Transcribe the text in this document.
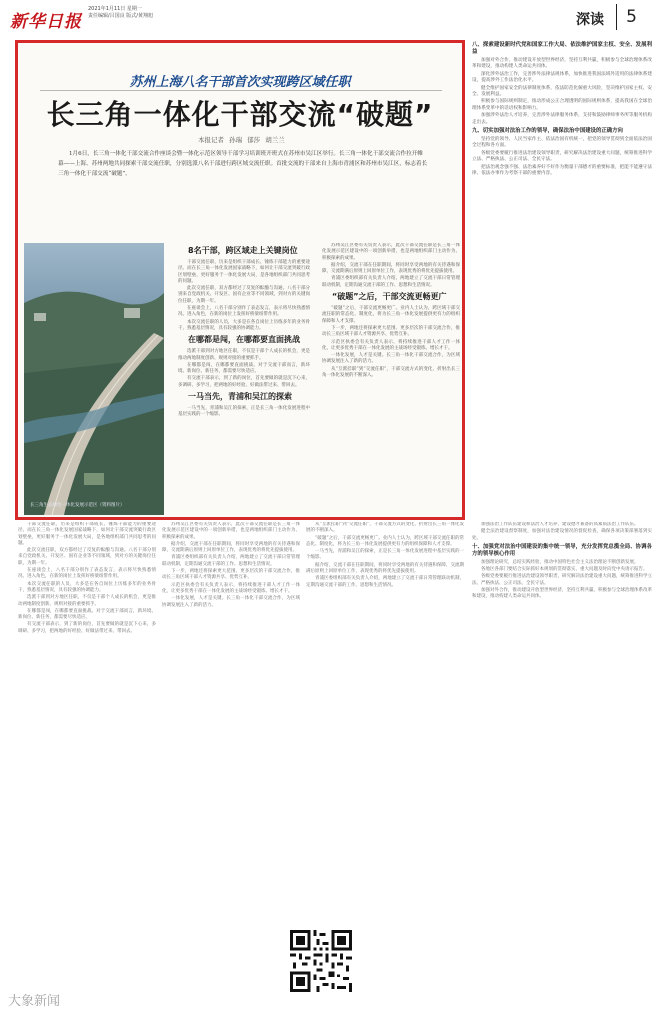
新华日报
2021年1月11日 星期一
责任编辑/吕国良 版式/黄翔旭	深读	5
苏州上海八名干部首次实现跨区域任职
长三角一体化干部交流“破题”
本报记者 孙瑞 郁莎 胡兰兰
1月6日，长三角一体化干部交流合作座谈会暨一体化示范区领导干部学习培训班开班式在苏州市吴江区举行。长三角一体化干部交流合作拉开帷幕——上海、苏州两地共同探索干部交流任职，分别选派八名干部进行跨区域交流任职。首批交流的干部来自上海市青浦区和苏州市吴江区，标志着长三角一体化干部交流“破题”。
长三角生态绿色一体化发展示范区（资料图片）
8名干部，跨区域走上关键岗位

干部交流任职，历来是组织干部成长、锤炼干部能力的重要途径。而在长三角一体化发展国家战略下，如何让干部交流突破行政区划壁垒，更好服务于一体化发展大局，是各地组织部门共同思考的问题。

此次交流任职，双方都经过了反复的酝酿与沟通。八名干部分别来自党政机关、开发区、国有企业等不同领域，到对方的关键岗位任职，为期一年。

在座谈会上，八名干部分别作了表态发言，表示将尽快熟悉情况、进入角色，在新的岗位上发挥好桥梁纽带作用。

本次交流任职的人员，大多是在各自岗位上历练多年的业务骨干，熟悉基层情况，具有较强的协调能力。

在哪都是闯，在哪都要直面挑战

选派干部到对方地区任职，不仅是干部个人成长的机会，更是推动两地制度创新、规则对接的重要抓手。

在哪都是闯，在哪都要直面挑战。对于交流干部而言，新环境、新岗位、新任务，都需要尽快适应。

有交流干部表示，到了新的岗位，首先要做的就是沉下心来，多调研、多学习，把两地的好经验、好做法带过来、带回去。

一马当先，青浦和吴江的探索

一马当先，青浦和吴江的探索，正是长三角一体化发展进程中基层实践的一个缩影。

苏州吴江区委有关负责人表示，此次干部交流任职是长三角一体化发展示范区建设中的一项创新举措，也是两地组织部门主动作为、积极探索的成果。

据介绍，交流干部在任职期间，将同时享受两地的有关待遇和保障，交流期满后原则上回原单位工作，表现优秀的将优先提拔使用。

青浦区委组织部有关负责人介绍，两地建立了交流干部日常管理联动机制，定期沟通交流干部的工作、思想和生活情况。

“破题”之后，干部交流更畅更广

“破题”之后，干部交流更畅更广。业内人士认为，跨区域干部交流任职的常态化、制度化，将为长三角一体化发展提供更有力的组织保障和人才支撑。

下一步，两地还将探索更大范围、更多层次的干部交流合作，推动长三角区域干部人才资源共享、优势互补。

示范区执委会有关负责人表示，将持续推进干部人才工作一体化，让更多优秀干部在一体化发展的主战场经受锻炼、增长才干。

一体化发展，人才是关键。长三角一体化干部交流合作，为区域协调发展注入了新的活力。

从“互派挂职”到“交流任职”，干部交流方式的变化，折射出长三角一体化发展的不断深入。

八、探索建设新时代党和国家工作大局、依法维护国家主权、安全、发展利益

加强对外合作，推动建设开放型世界经济，坚持互利共赢，积极参与全球治理体系改革和建设，推动构建人类命运共同体。

深化涉外法治工作，完善涉外法律法规体系，加快推进我国法域外适用的法律体系建设，提高涉外工作法治化水平。

健全维护国家安全的法律制度体系，依法防范化解重大风险，坚决维护国家主权、安全、发展利益。

积极参与国际规则制定，推动形成公正合理透明的国际规则体系，提高我国在全球治理体系变革中的话语权和影响力。

加强涉外法治人才培养，完善涉外法律服务体系，支持和鼓励律师事务所等服务机构走出去。

九、切实加强对法治工作的领导，确保法治中国建设的正确方向

坚持党的领导、人民当家作主、依法治国有机统一，把党的领导贯彻到全面依法治国全过程和各方面。

各级党委要履行推进法治建设领导职责，研究解决法治建设重大问题，统筹推进科学立法、严格执法、公正司法、全民守法。

把法治观念强不强、法治素养好不好作为衡量干部德才的重要标准，把能不能遵守法律、依法办事作为考察干部的重要内容。

干部交流任职，历来是组织干部成长、锤炼干部能力的重要途径。而在长三角一体化发展国家战略下，如何让干部交流突破行政区划壁垒，更好服务于一体化发展大局，是各地组织部门共同思考的问题。

此次交流任职，双方都经过了反复的酝酿与沟通。八名干部分别来自党政机关、开发区、国有企业等不同领域，到对方的关键岗位任职，为期一年。

在座谈会上，八名干部分别作了表态发言，表示将尽快熟悉情况、进入角色，在新的岗位上发挥好桥梁纽带作用。

本次交流任职的人员，大多是在各自岗位上历练多年的业务骨干，熟悉基层情况，具有较强的协调能力。

选派干部到对方地区任职，不仅是干部个人成长的机会，更是推动两地制度创新、规则对接的重要抓手。

在哪都是闯，在哪都要直面挑战。对于交流干部而言，新环境、新岗位、新任务，都需要尽快适应。

有交流干部表示，到了新的岗位，首先要做的就是沉下心来，多调研、多学习，把两地的好经验、好做法带过来、带回去。

苏州吴江区委有关负责人表示，此次干部交流任职是长三角一体化发展示范区建设中的一项创新举措，也是两地组织部门主动作为、积极探索的成果。

据介绍，交流干部在任职期间，将同时享受两地的有关待遇和保障，交流期满后原则上回原单位工作，表现优秀的将优先提拔使用。

青浦区委组织部有关负责人介绍，两地建立了交流干部日常管理联动机制，定期沟通交流干部的工作、思想和生活情况。

下一步，两地还将探索更大范围、更多层次的干部交流合作，推动长三角区域干部人才资源共享、优势互补。

示范区执委会有关负责人表示，将持续推进干部人才工作一体化，让更多优秀干部在一体化发展的主战场经受锻炼、增长才干。

一体化发展，人才是关键。长三角一体化干部交流合作，为区域协调发展注入了新的活力。

从“互派挂职”到“交流任职”，干部交流方式的变化，折射出长三角一体化发展的不断深入。

“破题”之后，干部交流更畅更广。业内人士认为，跨区域干部交流任职的常态化、制度化，将为长三角一体化发展提供更有力的组织保障和人才支撑。

一马当先，青浦和吴江的探索，正是长三角一体化发展进程中基层实践的一个缩影。

据介绍，交流干部在任职期间，将同时享受两地的有关待遇和保障，交流期满后原则上回原单位工作，表现优秀的将优先提拔使用。

青浦区委组织部有关负责人介绍，两地建立了交流干部日常管理联动机制，定期沟通交流干部的工作、思想和生活情况。

加强法治工作队伍建设和法治人才培养，建设德才兼备的高素质法治工作队伍。

健全法治建设督察制度，加强对法治建设情况的督促检查，确保各项决策部署落到实处。

十、加强党对法治中国建设的集中统一领导，充分发挥党总揽全局、协调各方的领导核心作用

加强理论研究，总结实践经验，推动中国特色社会主义法治理论不断创新发展。

各地区各部门要结合实际抓好本规划的贯彻落实，重大问题及时向党中央请示报告。

各级党委要履行推进法治建设领导职责，研究解决法治建设重大问题，统筹推进科学立法、严格执法、公正司法、全民守法。

加强对外合作，推动建设开放型世界经济，坚持互利共赢，积极参与全球治理体系改革和建设，推动构建人类命运共同体。

大象新闻
